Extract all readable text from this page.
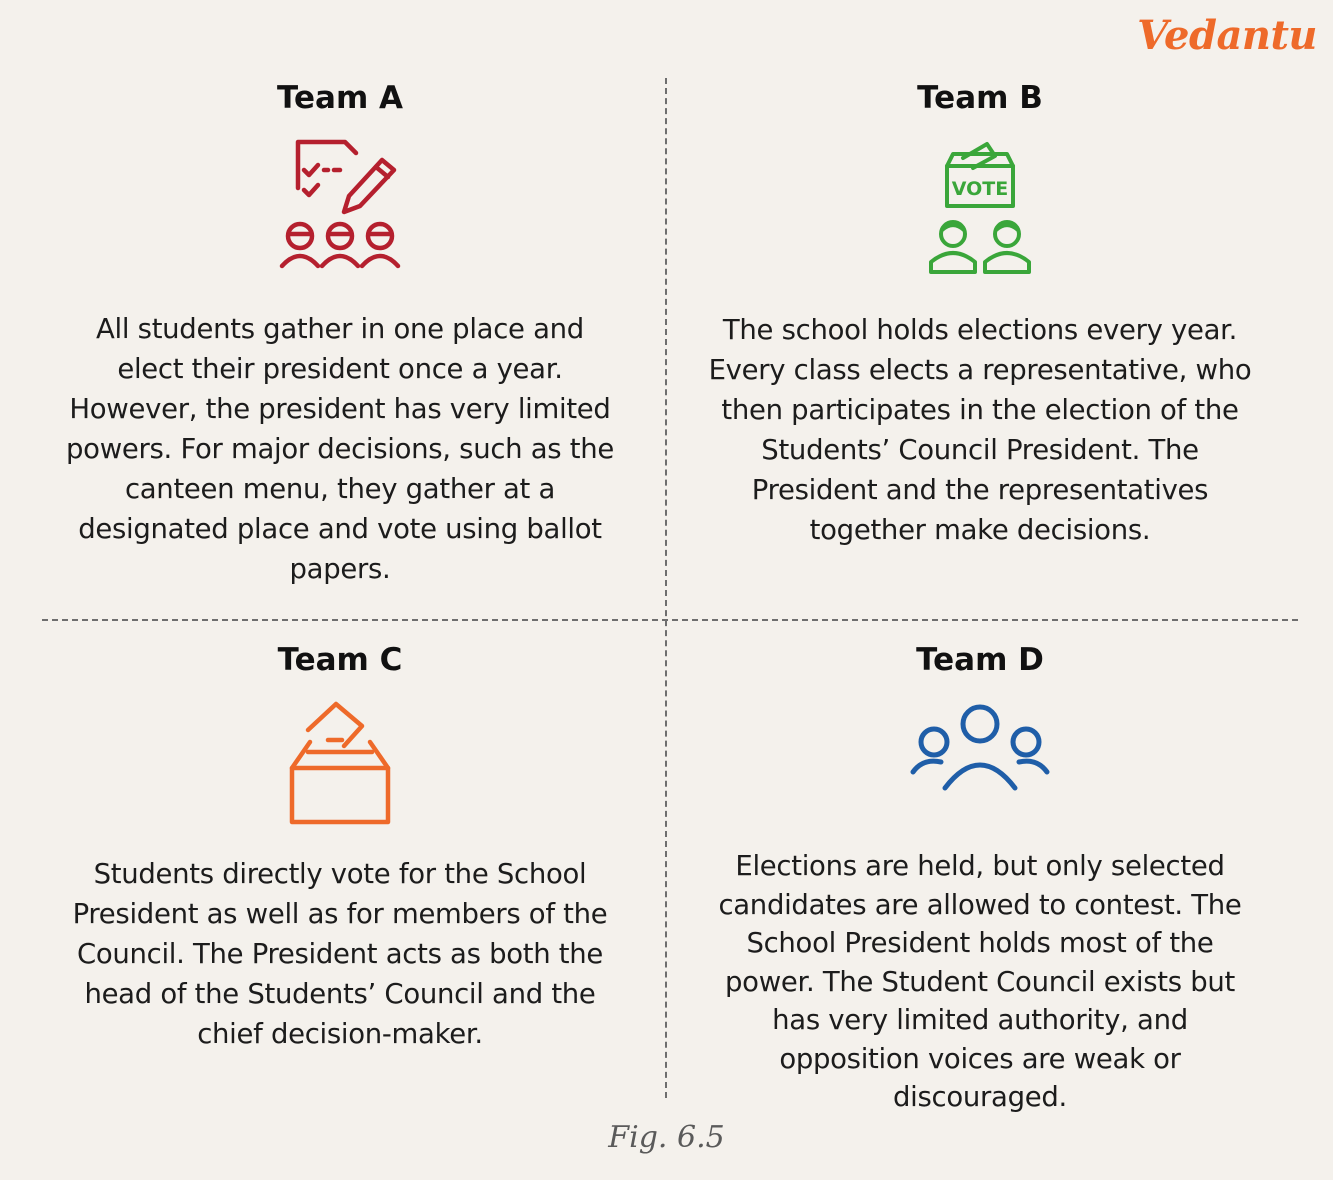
Vedantu
Team A

All students gather in one place and elect their president once a year. However, the president has very limited powers. For major decisions, such as the canteen menu, they gather at a designated place and vote using ballot papers.

Team B
VOTE

The school holds elections every year. Every class elects a representative, who then participates in the election of the Students’ Council President. The President and the representatives together make decisions.

Team C

Students directly vote for the School President as well as for members of the Council. The President acts as both the head of the Students’ Council and the chief decision-maker.

Team D

Elections are held, but only selected candidates are allowed to contest. The School President holds most of the power. The Student Council exists but has very limited authority, and opposition voices are weak or discouraged.

Fig. 6.5
